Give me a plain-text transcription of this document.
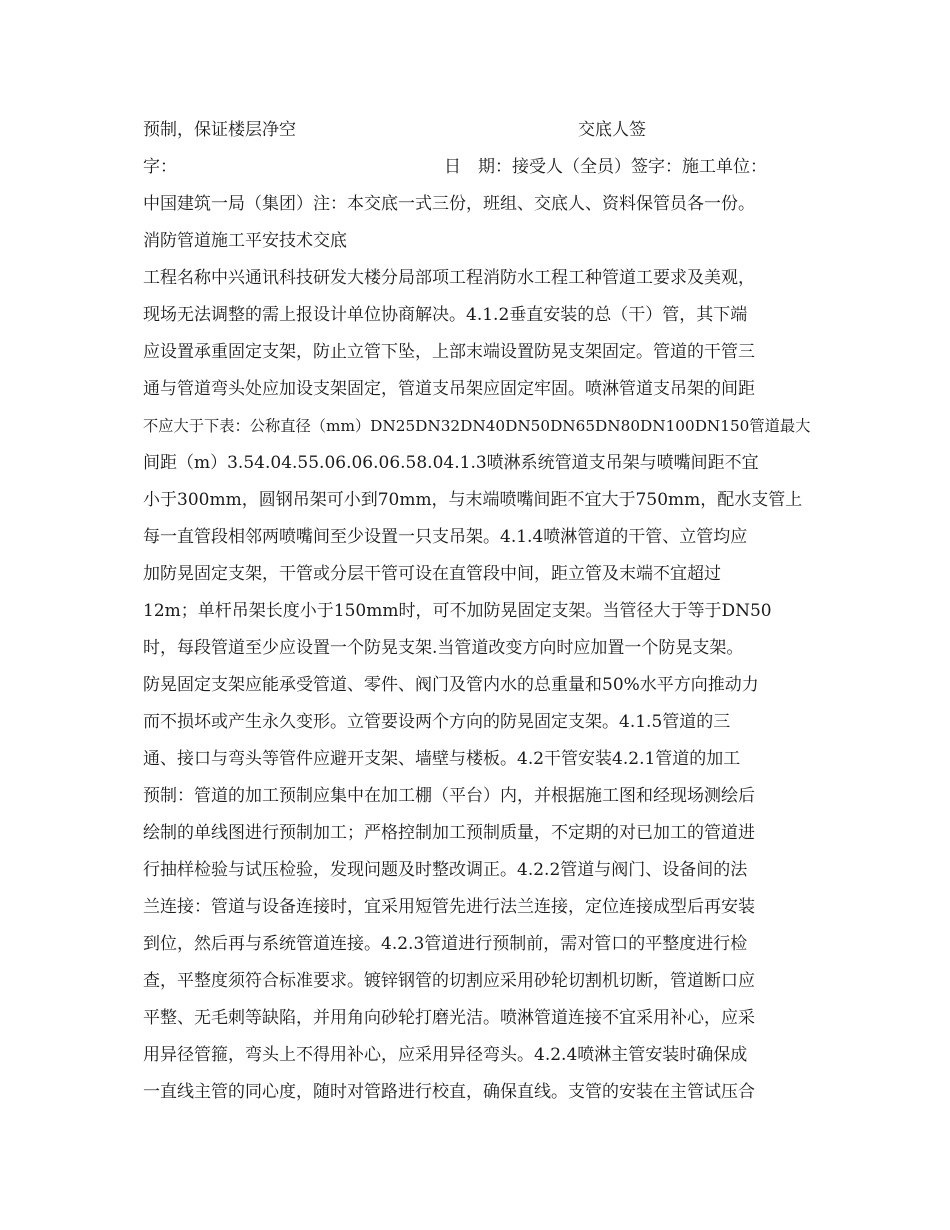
预制，保证楼层净空	交底人签
字：	日　期：接受人（全员）签字：施工单位：
中国建筑一局（集团）注：本交底一式三份，班组、交底人、资料保管员各一份。
消防管道施工平安技术交底
工程名称中兴通讯科技研发大楼分局部项工程消防水工程工种管道工要求及美观，
现场无法调整的需上报设计单位协商解决。4.1.2垂直安装的总（干）管，其下端
应设置承重固定支架，防止立管下坠，上部末端设置防晃支架固定。管道的干管三
通与管道弯头处应加设支架固定，管道支吊架应固定牢固。喷淋管道支吊架的间距
不应大于下表：公称直径（mm）DN25DN32DN40DN50DN65DN80DN100DN150管道最大
间距（m）3.54.04.55.06.06.06.58.04.1.3喷淋系统管道支吊架与喷嘴间距不宜
小于300mm，圆钢吊架可小到70mm，与末端喷嘴间距不宜大于750mm，配水支管上
每一直管段相邻两喷嘴间至少设置一只支吊架。4.1.4喷淋管道的干管、立管均应
加防晃固定支架，干管或分层干管可设在直管段中间，距立管及末端不宜超过
12m；单杆吊架长度小于150mm时，可不加防晃固定支架。当管径大于等于DN50
时，每段管道至少应设置一个防晃支架.当管道改变方向时应加置一个防晃支架。
防晃固定支架应能承受管道、零件、阀门及管内水的总重量和50%水平方向推动力
而不损坏或产生永久变形。立管要设两个方向的防晃固定支架。4.1.5管道的三
通、接口与弯头等管件应避开支架、墙壁与楼板。4.2干管安装4.2.1管道的加工
预制：管道的加工预制应集中在加工棚（平台）内，并根据施工图和经现场测绘后
绘制的单线图进行预制加工；严格控制加工预制质量，不定期的对已加工的管道进
行抽样检验与试压检验，发现问题及时整改调正。4.2.2管道与阀门、设备间的法
兰连接：管道与设备连接时，宜采用短管先进行法兰连接，定位连接成型后再安装
到位，然后再与系统管道连接。4.2.3管道进行预制前，需对管口的平整度进行检
查，平整度须符合标准要求。镀锌钢管的切割应采用砂轮切割机切断，管道断口应
平整、无毛刺等缺陷，并用角向砂轮打磨光洁。喷淋管道连接不宜采用补心，应采
用异径管箍，弯头上不得用补心，应采用异径弯头。4.2.4喷淋主管安装时确保成
一直线主管的同心度，随时对管路进行校直，确保直线。支管的安装在主管试压合
